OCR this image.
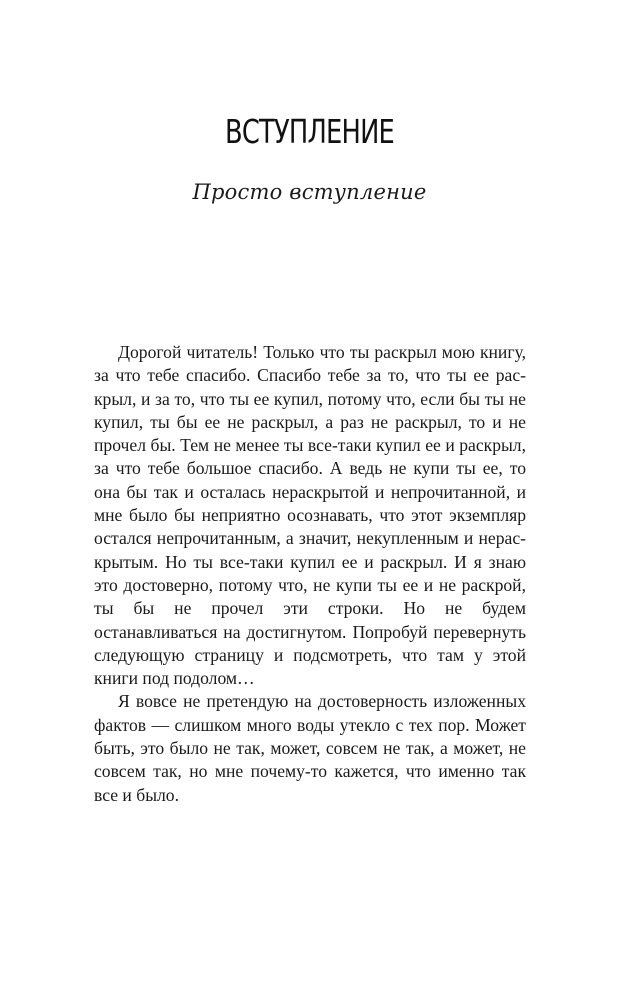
ВСТУПЛЕНИЕ
Просто вступление

Дорогой читатель! Только что ты раскрыл мою книгу, за что тебе спасибо. Спасибо тебе за то, что ты ее раскрыл, и за то, что ты ее купил, потому что, если бы ты не купил, ты бы ее не раскрыл, а раз не раскрыл, то и не прочел бы. Тем не менее ты все-таки купил ее и раскрыл, за что тебе большое спасибо. А ведь не купи ты ее, то она бы так и осталась нераскрытой и непрочитанной, и мне было бы неприятно осознавать, что этот экземпляр остался непрочитанным, а значит, некупленным и нераскрытым. Но ты все-таки купил ее и раскрыл. И я знаю это достоверно, потому что, не купи ты ее и не раскрой, ты бы не прочел эти строки. Но не будем останавливаться на достигнутом. Попробуй перевернуть следующую страницу и подсмотреть, что там у этой книги под подолом…

Я вовсе не претендую на достоверность изложенных фактов — слишком много воды утекло с тех пор. Может быть, это было не так, может, совсем не так, а может, не совсем так, но мне почему-то кажется, что именно так все и было.
